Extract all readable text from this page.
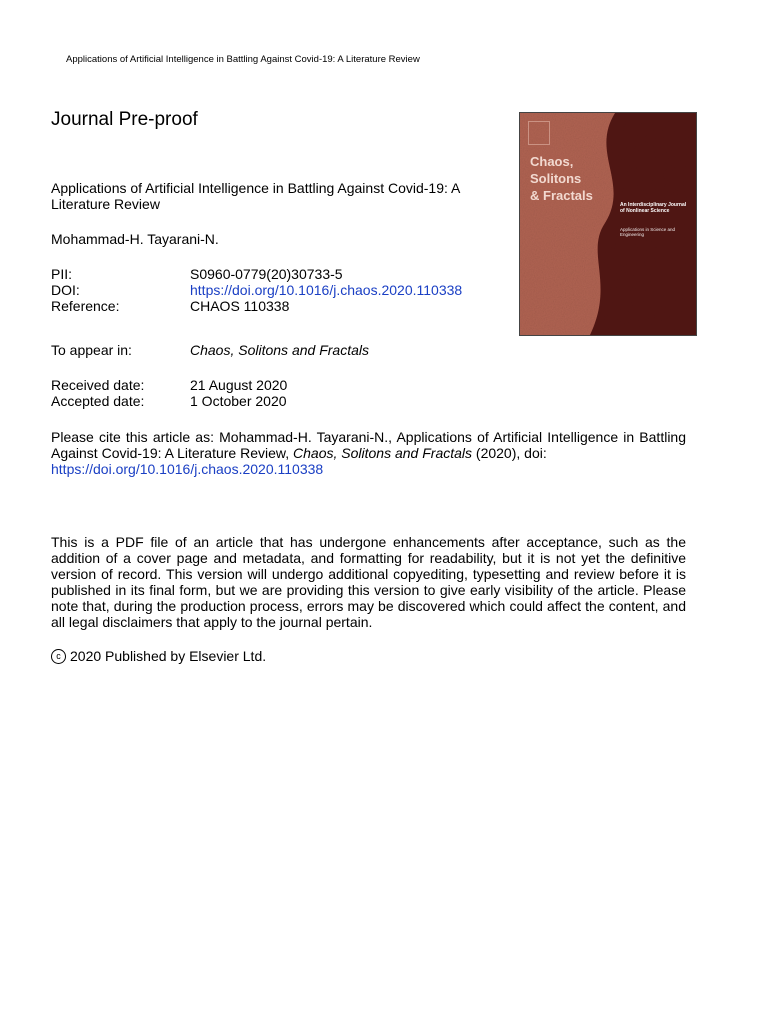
Applications of Artificial Intelligence in Battling Against Covid-19: A Literature Review
Journal Pre-proof
Applications of Artificial Intelligence in Battling Against Covid-19: A Literature Review
Mohammad-H. Tayarani-N.
PII:	S0960-0779(20)30733-5
DOI:	https://doi.org/10.1016/j.chaos.2020.110338
Reference:	CHAOS 110338
To appear in:	Chaos, Solitons and Fractals
Received date:	21 August 2020
Accepted date:	1 October 2020
Please cite this article as: Mohammad-H. Tayarani-N., Applications of Artificial Intelligence in Battling Against Covid-19: A Literature Review, Chaos, Solitons and Fractals (2020), doi:
https://doi.org/10.1016/j.chaos.2020.110338
This is a PDF file of an article that has undergone enhancements after acceptance, such as the addition of a cover page and metadata, and formatting for readability, but it is not yet the definitive version of record. This version will undergo additional copyediting, typesetting and review before it is published in its final form, but we are providing this version to give early visibility of the article. Please note that, during the production process, errors may be discovered which could affect the content, and all legal disclaimers that apply to the journal pertain.
c 2020 Published by Elsevier Ltd.
Chaos,
Solitons
& Fractals
An Interdisciplinary Journal of Nonlinear Science
Applications in Science and Engineering
